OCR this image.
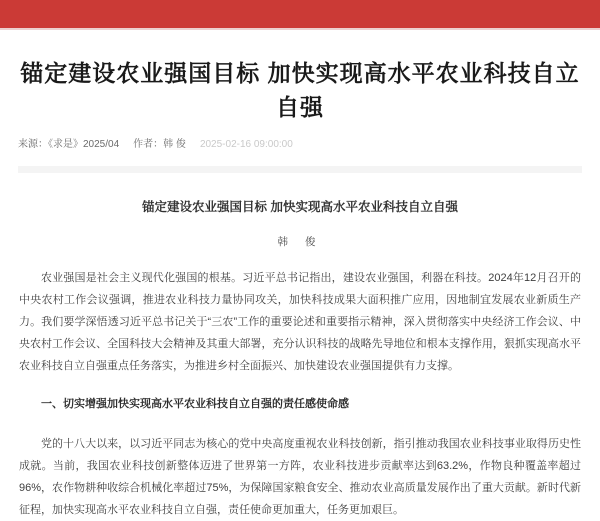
锚定建设农业强国目标 加快实现高水平农业科技自立自强
来源：《求是》2025/04 作者：韩 俊 2025-02-16 09:00:00
锚定建设农业强国目标 加快实现高水平农业科技自立自强
韩 俊

农业强国是社会主义现代化强国的根基。习近平总书记指出，建设农业强国，利器在科技。2024年12月召开的中央农村工作会议强调，推进农业科技力量协同攻关，加快科技成果大面积推广应用，因地制宜发展农业新质生产力。我们要学深悟透习近平总书记关于“三农”工作的重要论述和重要指示精神，深入贯彻落实中央经济工作会议、中央农村工作会议、全国科技大会精神及其重大部署，充分认识科技的战略先导地位和根本支撑作用，狠抓实现高水平农业科技自立自强重点任务落实，为推进乡村全面振兴、加快建设农业强国提供有力支撑。

一、切实增强加快实现高水平农业科技自立自强的责任感使命感

党的十八大以来，以习近平同志为核心的党中央高度重视农业科技创新，指引推动我国农业科技事业取得历史性成就。当前，我国农业科技创新整体迈进了世界第一方阵，农业科技进步贡献率达到63.2%，作物良种覆盖率超过96%，农作物耕种收综合机械化率超过75%，为保障国家粮食安全、推动农业高质量发展作出了重大贡献。新时代新征程，加快实现高水平农业科技自立自强，责任使命更加重大，任务更加艰巨。
